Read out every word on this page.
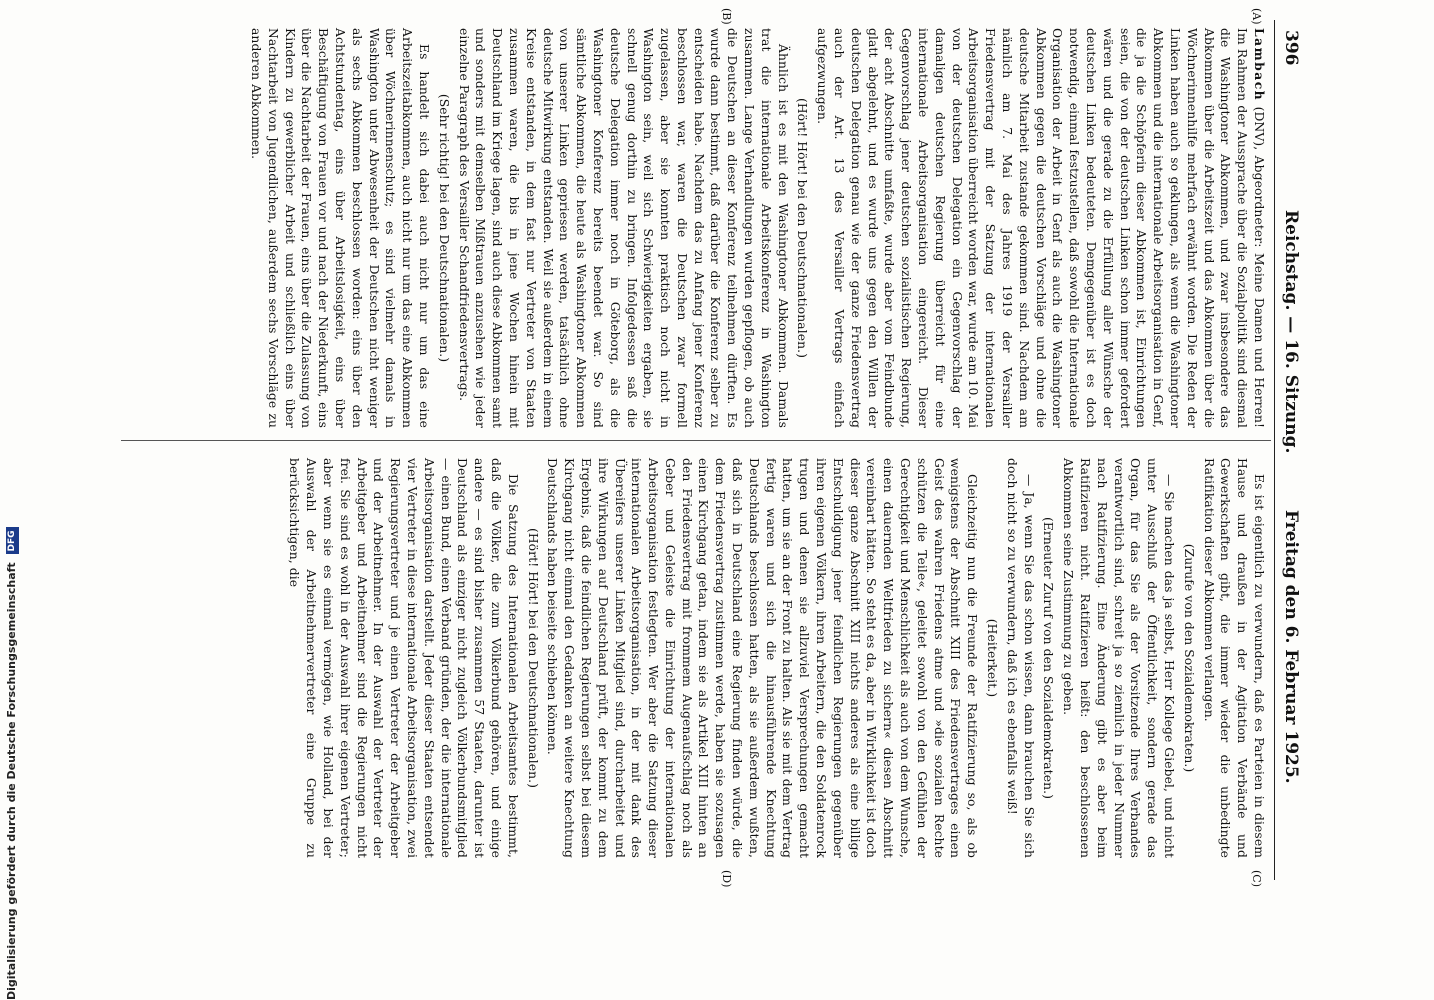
396
Reichstag. — 16. Sitzung.
Freitag den 6. Februar 1925.
(A)
(B)
(C)
(D)

Lambach (DNV), Abgeordneter: Meine Damen und Herren! Im Rahmen der Aussprache über die Sozialpolitik sind diesmal die Washingtoner Abkommen, und zwar insbesondere das Abkommen über die Arbeitszeit und das Abkommen über die Wöchnerinnenhilfe mehrfach erwähnt worden. Die Reden der Linken haben auch so geklungen, als wenn die Washingtoner Abkommen und die internationale Arbeitsorganisation in Genf, die ja die Schöpferin dieser Abkommen ist, Einrichtungen seien, die von der deutschen Linken schon immer gefordert wären und die gerade zu die Erfüllung aller Wünsche der deutschen Linken bedeuteten. Demgegenüber ist es doch notwendig, einmal festzustellen, daß sowohl die Internationale Organisation der Arbeit in Genf als auch die Washingtoner Abkommen gegen die deutschen Vorschläge und ohne die deutsche Mitarbeit zustande gekommen sind. Nachdem am nämlich am 7. Mai des Jahres 1919 der Versailler Friedensvertrag mit der Satzung der internationalen Arbeitsorganisation überreicht worden war, wurde am 10. Mai von der deutschen Delegation ein Gegenvorschlag der damaligen deutschen Regierung überreicht für eine internationale Arbeitsorganisation eingereicht. Dieser Gegenvorschlag jener deutschen sozialistischen Regierung, der acht Abschnitte umfaßte, wurde aber vom Feindbunde glatt abgelehnt, und es wurde uns gegen den Willen der deutschen Delegation genau wie der ganze Friedensvertrag auch der Art. 13 des Versailler Vertrags einfach aufgezwungen.

(Hört! Hört! bei den Deutschnationalen.)

Ähnlich ist es mit den Washingtoner Abkommen. Damals trat die internationale Arbeitskonferenz in Washington zusammen. Lange Verhandlungen wurden gepflogen, ob auch die Deutschen an dieser Konferenz teilnehmen dürften. Es wurde dann bestimmt, daß darüber die Konferenz selber zu entscheiden habe. Nachdem das zu Anfang jener Konferenz beschlossen war, waren die Deutschen zwar formell zugelassen, aber sie konnten praktisch noch nicht in Washington sein, weil sich Schwierigkeiten ergaben, sie schnell genug dorthin zu bringen. Infolgedessen saß die deutsche Delegation immer noch in Göteborg, als die Washingtoner Konferenz bereits beendet war. So sind sämtliche Abkommen, die heute als Washingtoner Abkommen von unserer Linken gepriesen werden, tatsächlich ohne deutsche Mitwirkung entstanden. Weil sie außerdem in einem Kreise entstanden, in dem fast nur Vertreter von Staaten zusammen waren, die bis in jene Wochen hinein mit Deutschland im Kriege lagen, sind auch diese Abkommen samt und sonders mit demselben Mißtrauen anzusehen wie jeder einzelne Paragraph des Versailler Schandfriedensvertrags.

(Sehr richtig! bei den Deutschnationalen.)

Es handelt sich dabei auch nicht nur um das eine Arbeitszeitabkommen, auch nicht nur um das eine Abkommen über Wöchnerinnenschutz; es sind vielmehr damals in Washington unter Abwesenheit der Deutschen nicht weniger als sechs Abkommen beschlossen worden: eins über den Achtstundentag, eins über Arbeitslosigkeit, eins über Beschäftigung von Frauen vor und nach der Niederkunft, eins über die Nachtarbeit der Frauen, eins über die Zulassung von Kindern zu gewerblicher Arbeit und schließlich eins über Nachtarbeit von Jugendlichen, außerdem sechs Vorschläge zu anderen Abkommen.

Es ist eigentlich zu verwundern, daß es Parteien in diesem Hause und draußen in der Agitation Verbände und Gewerkschaften gibt, die immer wieder die unbedingte Ratifikation dieser Abkommen verlangen.

(Zurufe von den Sozialdemokraten.)

— Sie machen das ja selbst, Herr Kollege Giebel, und nicht unter Ausschluß der Öffentlichkeit, sondern gerade das Organ, für das Sie als der Vorsitzende Ihres Verbandes verantwortlich sind, schreit ja so ziemlich in jeder Nummer nach Ratifizierung. Eine Änderung gibt es aber beim Ratifizieren nicht. Ratifizieren heißt: den beschlossenen Abkommen seine Zustimmung zu geben.

(Erneuter Zuruf von den Sozialdemokraten.)

— Ja, wenn Sie das schon wissen, dann brauchen Sie sich doch nicht so zu verwundern, daß ich es ebenfalls weiß!

(Heiterkeit.)

Gleichzeitig nun die Freunde der Ratifizierung so, als ob wenigstens der Abschnitt XIII des Friedensvertrages einen Geist des wahren Friedens atme und »die sozialen Rechte schützen die Teile«, geleitet sowohl von den Gefühlen der Gerechtigkeit und Menschlichkeit als auch von dem Wunsche, einen dauernden Weltfrieden zu sichern« diesen Abschnitt vereinbart hätten. So steht es da, aber in Wirklichkeit ist doch dieser ganze Abschnitt XIII nichts anderes als eine billige Entschuldigung jener feindlichen Regierungen gegenüber ihren eigenen Völkern, ihren Arbeitern, die den Soldatenrock trugen und denen sie allzuviel Versprechungen gemacht hatten, um sie an der Front zu halten. Als sie mit dem Vertrag fertig waren und sich die hinausführende Knechtung Deutschlands beschlossen hatten, als sie außerdem wußten, daß sich in Deutschland eine Regierung finden würde, die dem Friedensvertrag zustimmen werde, haben sie sozusagen einen Kirchgang getan, indem sie als Artikel XIII hinten an den Friedensvertrag mit frommem Augenaufschlag noch als Geber und Geleiste die Einrichtung der internationalen Arbeitsorganisation festlegten. Wer aber die Satzung dieser internationalen Arbeitsorganisation, in der mit dank des Übereifers unserer Linken Mitglied sind, durcharbeitet und ihre Wirkungen auf Deutschland prüft, der kommt zu dem Ergebnis, daß die feindlichen Regierungen selbst bei diesem Kirchgang nicht einmal den Gedanken an weitere Knechtung Deutschlands haben beiseite schieben können.

(Hört! Hört! bei den Deutschnationalen.)

Die Satzung des Internationalen Arbeitsamtes bestimmt, daß die Völker, die zum Völkerbund gehören, und einige andere — es sind bisher zusammen 57 Staaten, darunter ist Deutschland als einziger nicht zugleich Völkerbundsmitglied — einen Bund, einen Verband gründen, der die internationale Arbeitsorganisation darstellt. Jeder dieser Staaten entsendet vier Vertreter in diese internationale Arbeitsorganisation, zwei Regierungsvertreter und je einen Vertreter der Arbeitgeber und der Arbeitnehmer. In der Auswahl der Vertreter der Arbeitgeber und Arbeitnehmer sind die Regierungen nicht frei. Sie sind es wohl in der Auswahl ihrer eigenen Vertreter; aber wenn sie es einmal vermögen, wie Holland, bei der Auswahl der Arbeitnehmervertreter eine Gruppe zu berücksichtigen, die

Digitalisierung gefördert durch die Deutsche Forschungsgemeinschaft DFG
